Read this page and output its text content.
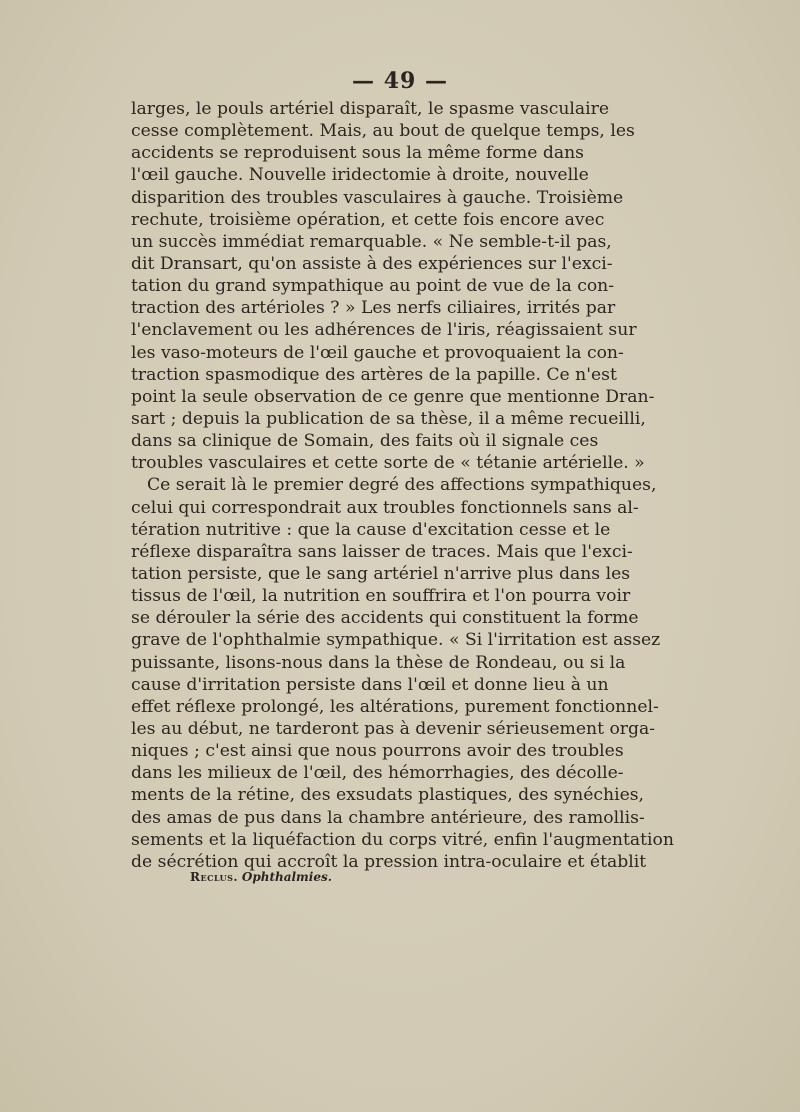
— 49 —
larges, le pouls artériel disparaît, le spasme vasculaire
cesse complètement. Mais, au bout de quelque temps, les
accidents se reproduisent sous la même forme dans
l'œil gauche. Nouvelle iridectomie à droite, nouvelle
disparition des troubles vasculaires à gauche. Troisième
rechute, troisième opération, et cette fois encore avec
un succès immédiat remarquable. « Ne semble-t-il pas,
dit Dransart, qu'on assiste à des expériences sur l'exci-
tation du grand sympathique au point de vue de la con-
traction des artérioles ? » Les nerfs ciliaires, irrités par
l'enclavement ou les adhérences de l'iris, réagissaient sur
les vaso-moteurs de l'œil gauche et provoquaient la con-
traction spasmodique des artères de la papille. Ce n'est
point la seule observation de ce genre que mentionne Dran-
sart ; depuis la publication de sa thèse, il a même recueilli,
dans sa clinique de Somain, des faits où il signale ces
troubles vasculaires et cette sorte de « tétanie artérielle. »
Ce serait là le premier degré des affections sympathiques,
celui qui correspondrait aux troubles fonctionnels sans al-
tération nutritive : que la cause d'excitation cesse et le
réflexe disparaîtra sans laisser de traces. Mais que l'exci-
tation persiste, que le sang artériel n'arrive plus dans les
tissus de l'œil, la nutrition en souffrira et l'on pourra voir
se dérouler la série des accidents qui constituent la forme
grave de l'ophthalmie sympathique. « Si l'irritation est assez
puissante, lisons-nous dans la thèse de Rondeau, ou si la
cause d'irritation persiste dans l'œil et donne lieu à un
effet réflexe prolongé, les altérations, purement fonctionnel-
les au début, ne tarderont pas à devenir sérieusement orga-
niques ; c'est ainsi que nous pourrons avoir des troubles
dans les milieux de l'œil, des hémorrhagies, des décolle-
ments de la rétine, des exsudats plastiques, des synéchies,
des amas de pus dans la chambre antérieure, des ramollis-
sements et la liquéfaction du corps vitré, enfin l'augmentation
de sécrétion qui accroît la pression intra-oculaire et établit
Reclus. Ophthalmies.
